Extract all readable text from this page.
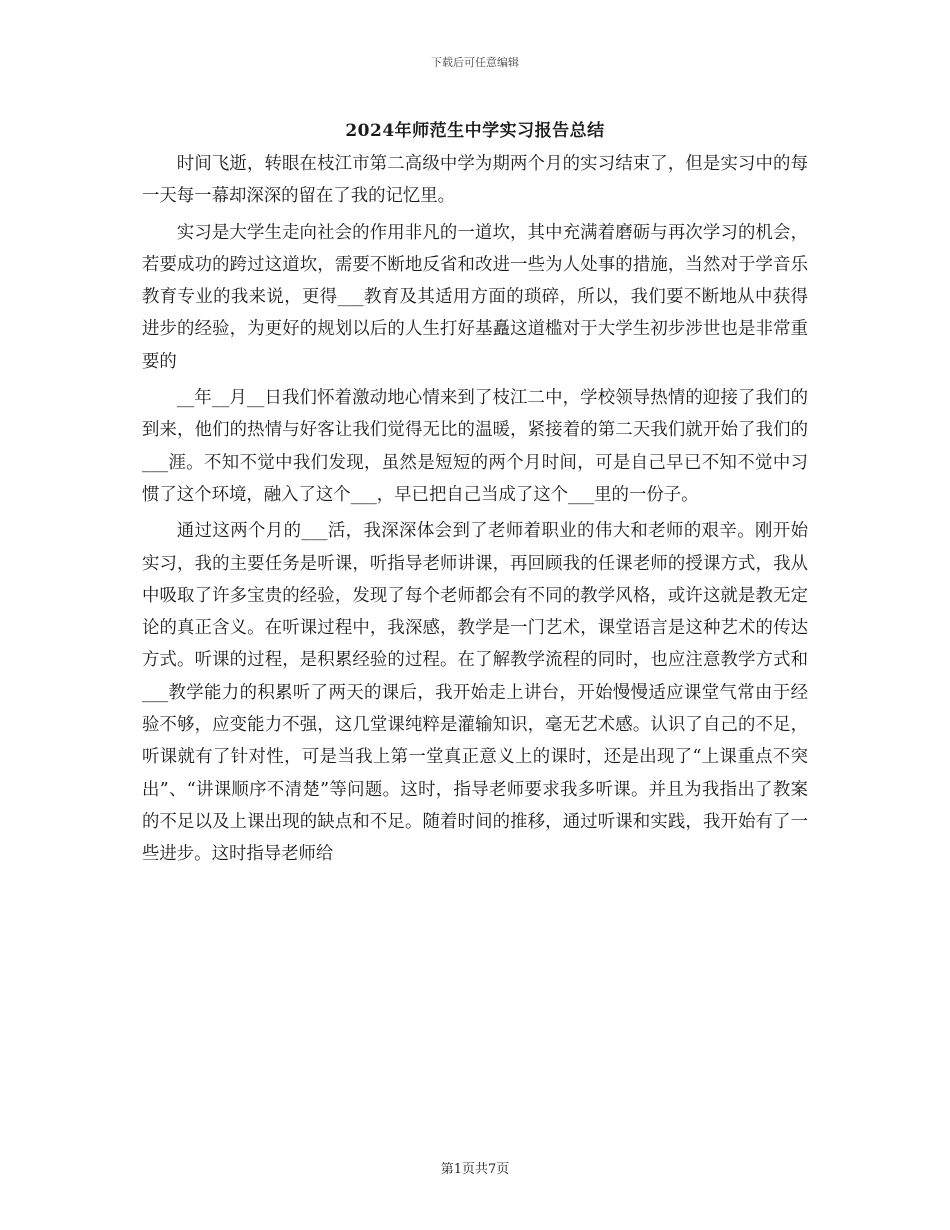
下载后可任意编辑
2024年师范生中学实习报告总结

时间飞逝，转眼在枝江市第二高级中学为期两个月的实习结束了，但是实习中的每一天每一幕却深深的留在了我的记忆里。

实习是大学生走向社会的作用非凡的一道坎，其中充满着磨砺与再次学习的机会，若要成功的跨过这道坎，需要不断地反省和改进一些为人处事的措施，当然对于学音乐教育专业的我来说，更得___教育及其适用方面的琐碎，所以，我们要不断地从中获得进步的经验，为更好的规划以后的人生打好基矗这道槛对于大学生初步涉世也是非常重要的

__年__月__日我们怀着激动地心情来到了枝江二中，学校领导热情的迎接了我们的到来，他们的热情与好客让我们觉得无比的温暖，紧接着的第二天我们就开始了我们的___涯。不知不觉中我们发现，虽然是短短的两个月时间，可是自己早已不知不觉中习惯了这个环境，融入了这个___，早已把自己当成了这个___里的一份子。

通过这两个月的___活，我深深体会到了老师着职业的伟大和老师的艰辛。刚开始实习，我的主要任务是听课，听指导老师讲课，再回顾我的任课老师的授课方式，我从中吸取了许多宝贵的经验，发现了每个老师都会有不同的教学风格，或许这就是教无定论的真正含义。在听课过程中，我深感，教学是一门艺术，课堂语言是这种艺术的传达方式。听课的过程，是积累经验的过程。在了解教学流程的同时，也应注意教学方式和___教学能力的积累听了两天的课后，我开始走上讲台，开始慢慢适应课堂气常由于经验不够，应变能力不强，这几堂课纯粹是灌输知识，毫无艺术感。认识了自己的不足，听课就有了针对性，可是当我上第一堂真正意义上的课时，还是出现了“上课重点不突出”、“讲课顺序不清楚”等问题。这时，指导老师要求我多听课。并且为我指出了教案的不足以及上课出现的缺点和不足。随着时间的推移，通过听课和实践，我开始有了一些进步。这时指导老师给

第1页共7页
